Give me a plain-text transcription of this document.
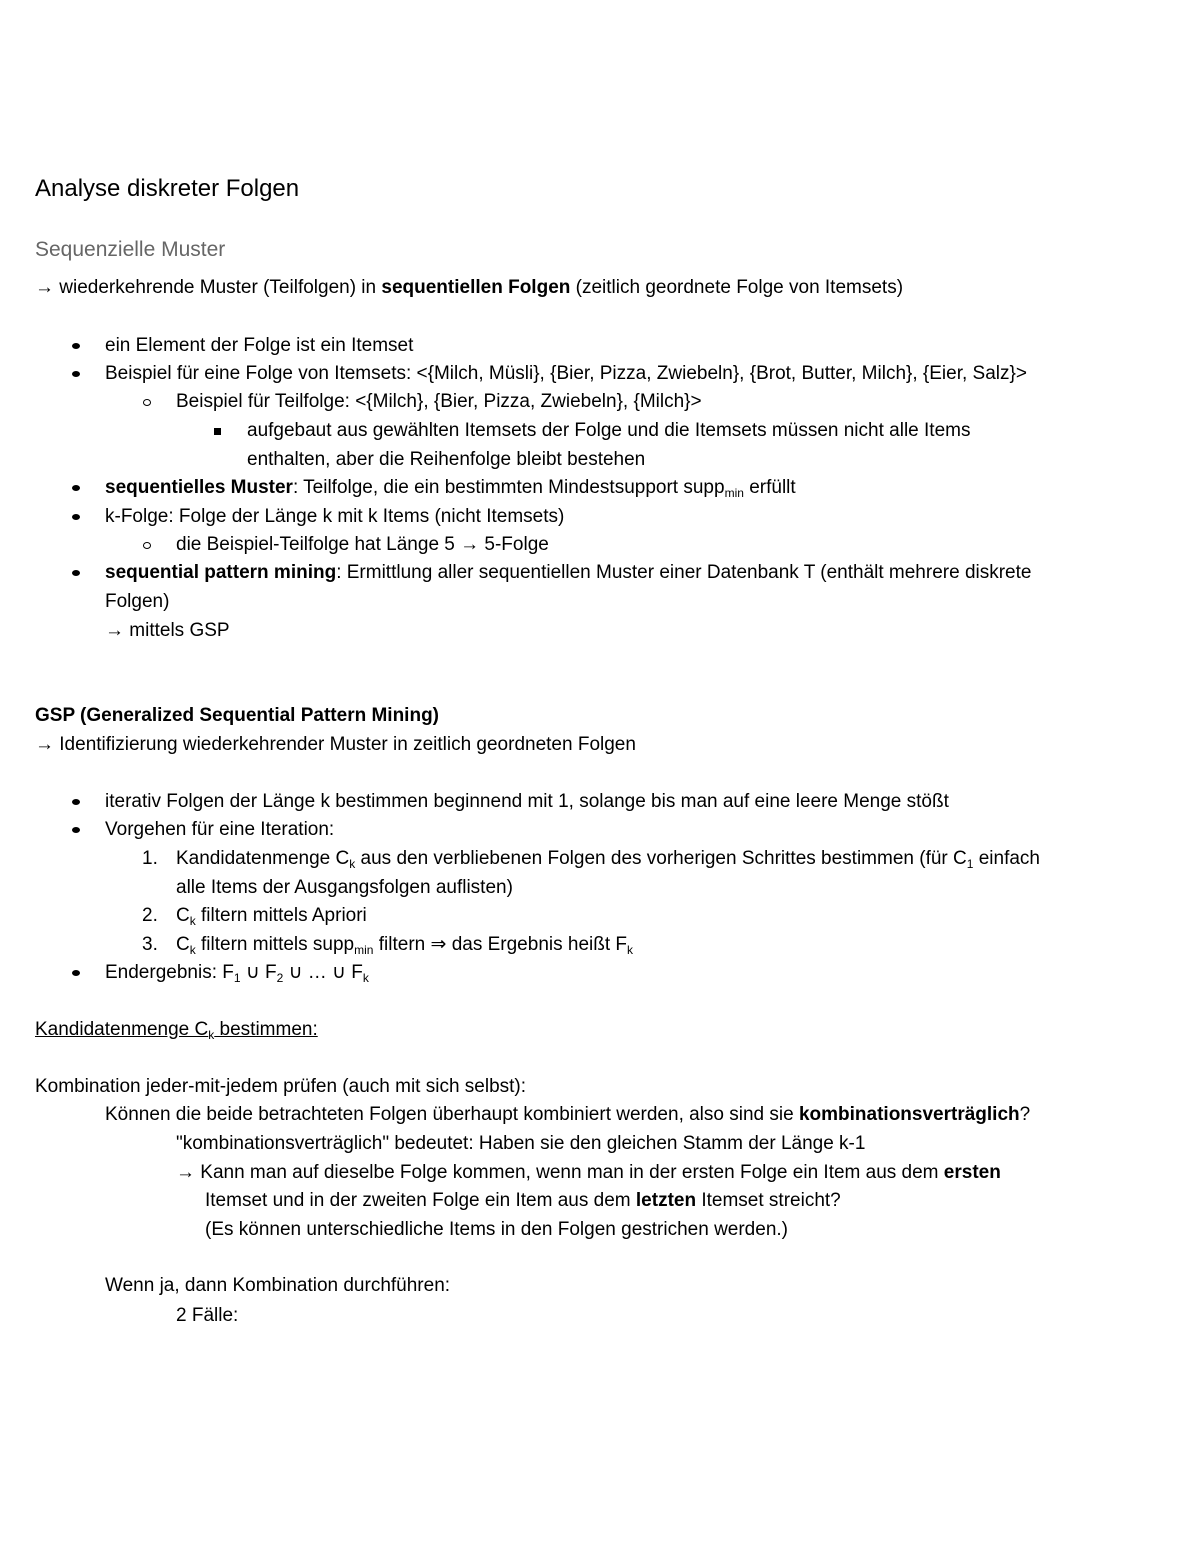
Analyse diskreter Folgen
Sequenzielle Muster
→ wiederkehrende Muster (Teilfolgen) in sequentiellen Folgen (zeitlich geordnete Folge von Itemsets)
ein Element der Folge ist ein Itemset
Beispiel für eine Folge von Itemsets: <{Milch, Müsli}, {Bier, Pizza, Zwiebeln}, {Brot, Butter, Milch}, {Eier, Salz}>
Beispiel für Teilfolge: <{Milch}, {Bier, Pizza, Zwiebeln}, {Milch}>
aufgebaut aus gewählten Itemsets der Folge und die Itemsets müssen nicht alle Items
enthalten, aber die Reihenfolge bleibt bestehen
sequentielles Muster: Teilfolge, die ein bestimmten Mindestsupport supp$_{min}$ erfüllt
k-Folge: Folge der Länge k mit k Items (nicht Itemsets)
die Beispiel-Teilfolge hat Länge 5 → 5-Folge
sequential pattern mining: Ermittlung aller sequentiellen Muster einer Datenbank T (enthält mehrere diskrete
Folgen)
→ mittels GSP
GSP (Generalized Sequential Pattern Mining)
→ Identifizierung wiederkehrender Muster in zeitlich geordneten Folgen
iterativ Folgen der Länge k bestimmen beginnend mit 1, solange bis man auf eine leere Menge stößt
Vorgehen für eine Iteration:
1. Kandidatenmenge $C_k$ aus den verbliebenen Folgen des vorherigen Schrittes bestimmen (für $C_1$ einfach
alle Items der Ausgangsfolgen auflisten)
2. $C_k$ filtern mittels Apriori
3. $C_k$ filtern mittels supp$_{min}$ filtern ⇒ das Ergebnis heißt $F_k$
Endergebnis: $F_1$ ∪ $F_2$ ∪ … ∪ $F_k$
Kandidatenmenge $C_k$ bestimmen:
Kombination jeder-mit-jedem prüfen (auch mit sich selbst):
Können die beide betrachteten Folgen überhaupt kombiniert werden, also sind sie kombinationsverträglich?
"kombinationsverträglich" bedeutet: Haben sie den gleichen Stamm der Länge k-1
→ Kann man auf dieselbe Folge kommen, wenn man in der ersten Folge ein Item aus dem ersten
Itemset und in der zweiten Folge ein Item aus dem letzten Itemset streicht?
(Es können unterschiedliche Items in den Folgen gestrichen werden.)
Wenn ja, dann Kombination durchführen:
2 Fälle:
